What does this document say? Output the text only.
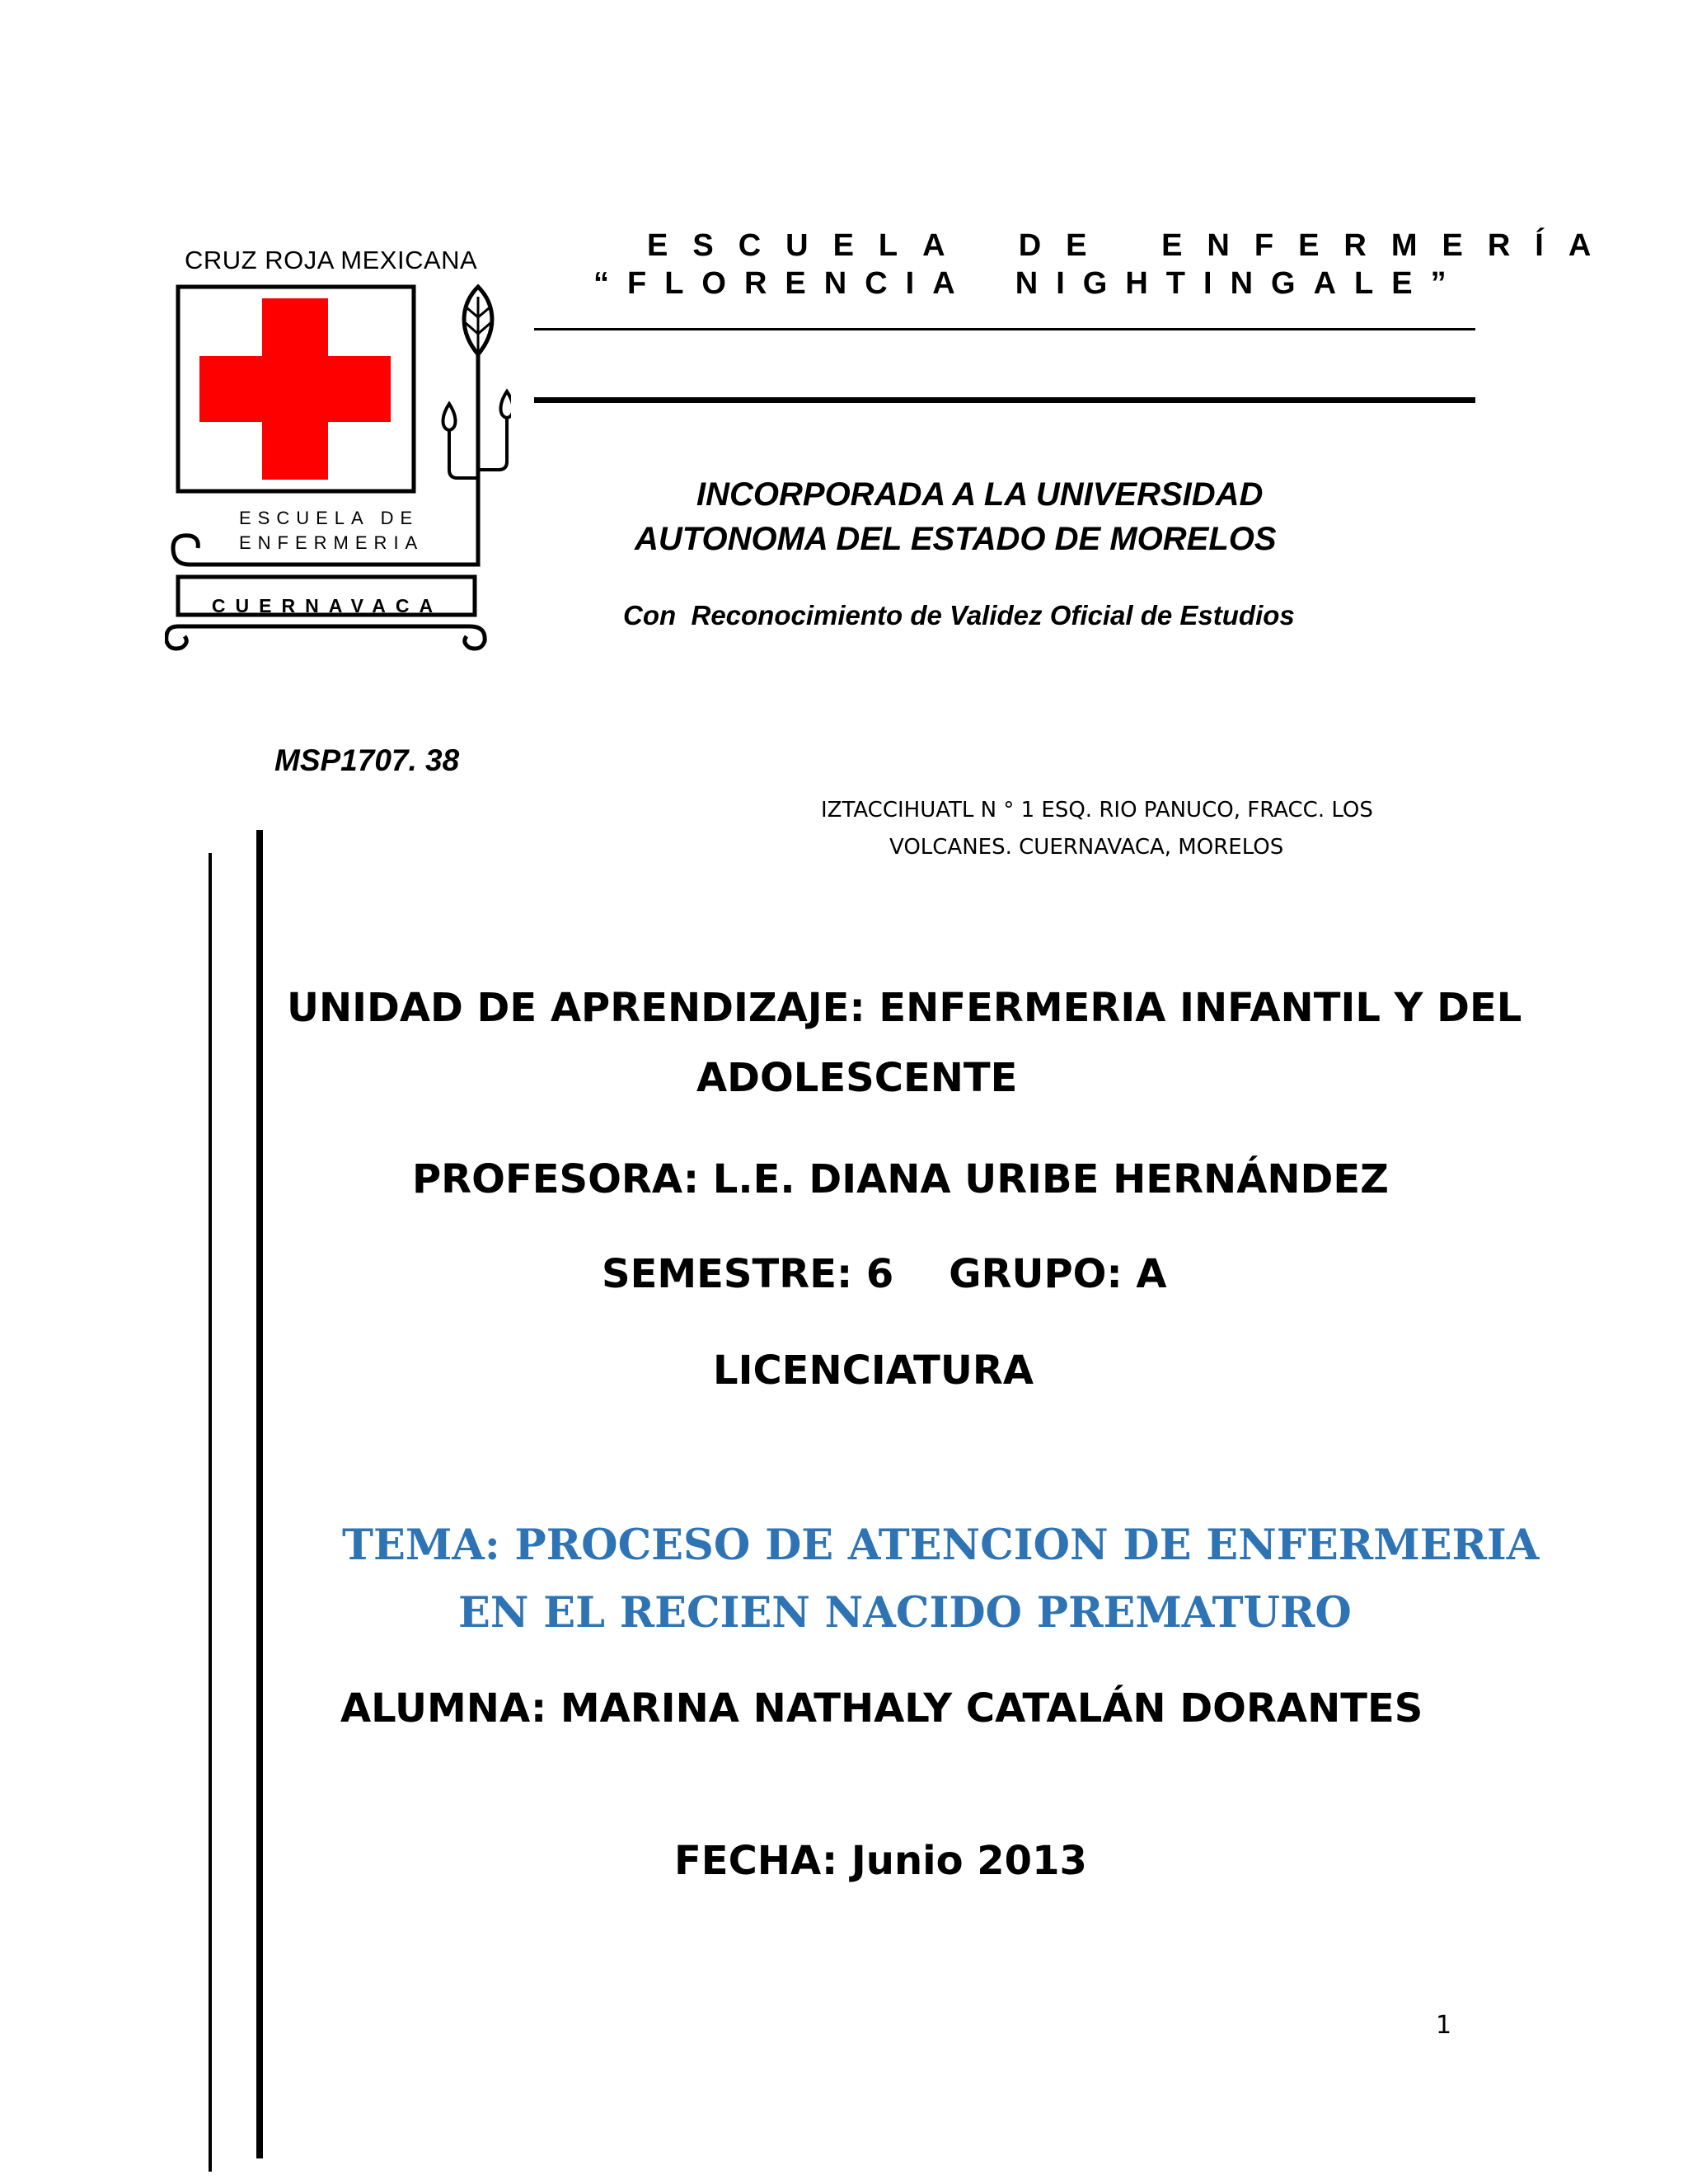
CRUZ ROJA MEXICANA
ESCUELA DE
ENFERMERIA
CUERNAVACA
ESCUELA DE ENFERMERÍA
“FLORENCIA NIGHTINGALE”
INCORPORADA A LA UNIVERSIDAD
AUTONOMA DEL ESTADO DE MORELOS
Con  Reconocimiento de Validez Oficial de Estudios
MSP1707. 38
IZTACCIHUATL N ° 1 ESQ. RIO PANUCO, FRACC. LOS
VOLCANES. CUERNAVACA, MORELOS
UNIDAD DE APRENDIZAJE: ENFERMERIA INFANTIL Y DEL
ADOLESCENTE
PROFESORA: L.E. DIANA URIBE HERNÁNDEZ
SEMESTRE: 6    GRUPO: A
LICENCIATURA
TEMA: PROCESO DE ATENCION DE ENFERMERIA
EN EL RECIEN NACIDO PREMATURO
ALUMNA: MARINA NATHALY CATALÁN DORANTES
FECHA: Junio 2013
1
